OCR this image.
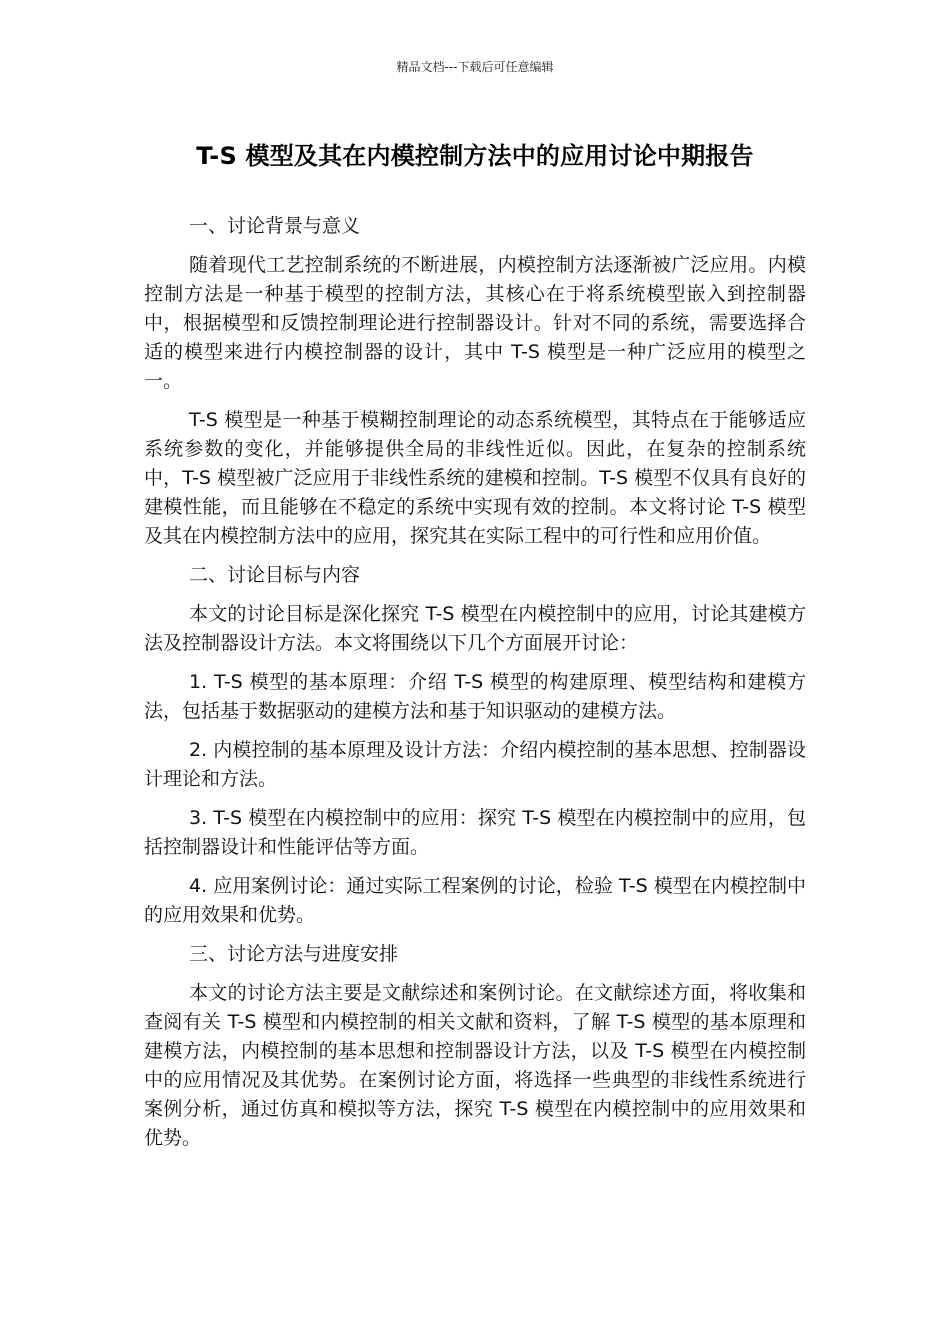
精品文档---下载后可任意编辑
T-S 模型及其在内模控制方法中的应用讨论中期报告

一、讨论背景与意义

随着现代工艺控制系统的不断进展，内模控制方法逐渐被广泛应用。内模控制方法是一种基于模型的控制方法，其核心在于将系统模型嵌入到控制器中，根据模型和反馈控制理论进行控制器设计。针对不同的系统，需要选择合适的模型来进行内模控制器的设计，其中 T-S 模型是一种广泛应用的模型之一。

T-S 模型是一种基于模糊控制理论的动态系统模型，其特点在于能够适应系统参数的变化，并能够提供全局的非线性近似。因此，在复杂的控制系统中，T-S 模型被广泛应用于非线性系统的建模和控制。T-S 模型不仅具有良好的建模性能，而且能够在不稳定的系统中实现有效的控制。本文将讨论 T-S 模型及其在内模控制方法中的应用，探究其在实际工程中的可行性和应用价值。

二、讨论目标与内容

本文的讨论目标是深化探究 T-S 模型在内模控制中的应用，讨论其建模方法及控制器设计方法。本文将围绕以下几个方面展开讨论：

1. T-S 模型的基本原理：介绍 T-S 模型的构建原理、模型结构和建模方法，包括基于数据驱动的建模方法和基于知识驱动的建模方法。

2. 内模控制的基本原理及设计方法：介绍内模控制的基本思想、控制器设计理论和方法。

3. T-S 模型在内模控制中的应用：探究 T-S 模型在内模控制中的应用，包括控制器设计和性能评估等方面。

4. 应用案例讨论：通过实际工程案例的讨论，检验 T-S 模型在内模控制中的应用效果和优势。

三、讨论方法与进度安排

本文的讨论方法主要是文献综述和案例讨论。在文献综述方面，将收集和查阅有关 T-S 模型和内模控制的相关文献和资料，了解 T-S 模型的基本原理和建模方法，内模控制的基本思想和控制器设计方法，以及 T-S 模型在内模控制中的应用情况及其优势。在案例讨论方面，将选择一些典型的非线性系统进行案例分析，通过仿真和模拟等方法，探究 T-S 模型在内模控制中的应用效果和优势。
